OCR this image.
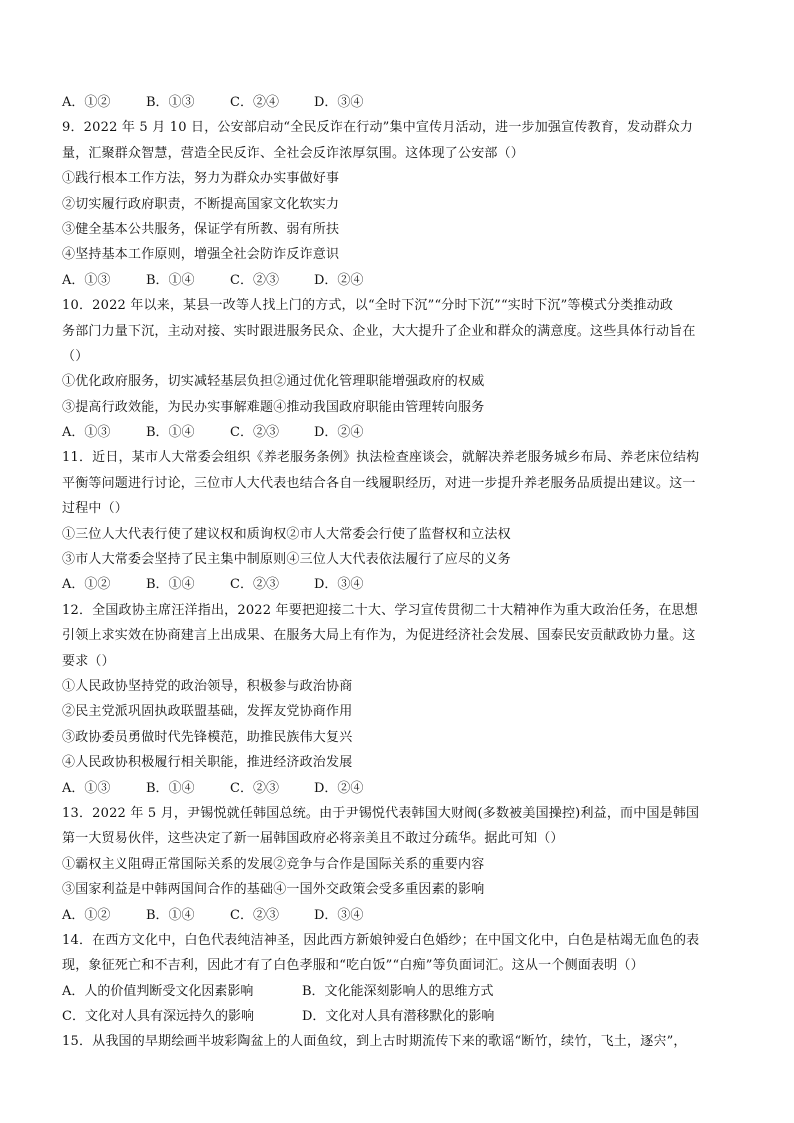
A．①②	B．①③	C．②④	D．③④
9．2022 年 5 月 10 日，公安部启动“全民反诈在行动”集中宣传月活动，进一步加强宣传教育，发动群众力
量，汇聚群众智慧，营造全民反诈、全社会反诈浓厚氛围。这体现了公安部（）
①践行根本工作方法，努力为群众办实事做好事
②切实履行政府职责，不断提高国家文化软实力
③健全基本公共服务，保证学有所教、弱有所扶
④坚持基本工作原则，增强全社会防诈反诈意识
A．①③	B．①④	C．②③	D．②④
10．2022 年以来，某县一改等人找上门的方式，以“全时下沉”“分时下沉”“实时下沉”等模式分类推动政
务部门力量下沉，主动对接、实时跟进服务民众、企业，大大提升了企业和群众的满意度。这些具体行动旨在
（）
①优化政府服务，切实减轻基层负担②通过优化管理职能增强政府的权威
③提高行政效能，为民办实事解难题④推动我国政府职能由管理转向服务
A．①③	B．①④	C．②③	D．②④
11．近日，某市人大常委会组织《养老服务条例》执法检查座谈会，就解决养老服务城乡布局、养老床位结构
平衡等问题进行讨论，三位市人大代表也结合各自一线履职经历，对进一步提升养老服务品质提出建议。这一
过程中（）
①三位人大代表行使了建议权和质询权②市人大常委会行使了监督权和立法权
③市人大常委会坚持了民主集中制原则④三位人大代表依法履行了应尽的义务
A．①②	B．①④	C．②③	D．③④
12．全国政协主席汪洋指出，2022 年要把迎接二十大、学习宣传贯彻二十大精神作为重大政治任务，在思想
引领上求实效在协商建言上出成果、在服务大局上有作为，为促进经济社会发展、国泰民安贡献政协力量。这
要求（）
①人民政协坚持党的政治领导，积极参与政治协商
②民主党派巩固执政联盟基础，发挥友党协商作用
③政协委员勇做时代先锋模范，助推民族伟大复兴
④人民政协积极履行相关职能，推进经济政治发展
A．①③	B．①④	C．②③	D．②④
13．2022 年 5 月，尹锡悦就任韩国总统。由于尹锡悦代表韩国大财阀(多数被美国操控)利益，而中国是韩国
第一大贸易伙伴，这些决定了新一届韩国政府必将亲美且不敢过分疏华。据此可知（）
①霸权主义阻碍正常国际关系的发展②竞争与合作是国际关系的重要内容
③国家利益是中韩两国间合作的基础④一国外交政策会受多重因素的影响
A．①②	B．①④	C．②③	D．③④
14．在西方文化中，白色代表纯洁神圣，因此西方新娘钟爱白色婚纱；在中国文化中，白色是枯竭无血色的表
现，象征死亡和不吉利，因此才有了白色孝服和“吃白饭”“白痴”等负面词汇。这从一个侧面表明（）
A．人的价值判断受文化因素影响	B．文化能深刻影响人的思维方式
C．文化对人具有深远持久的影响	D．文化对人具有潜移默化的影响
15．从我国的早期绘画半坡彩陶盆上的人面鱼纹，到上古时期流传下来的歌谣“断竹，续竹，飞土，逐宍”，
